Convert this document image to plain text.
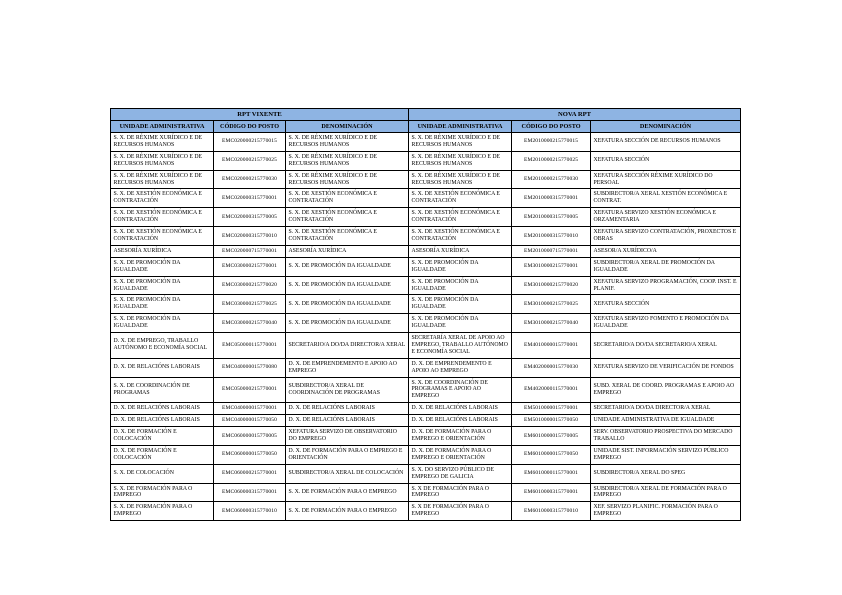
RPT VIXENTE			NOVA RPT		
UNIDADE ADMINISTRATIVA	CÓDIGO DO POSTO	DENOMINACIÓN	UNIDADE ADMINISTRATIVA	CÓDIGO DO POSTO	DENOMINACIÓN
S. X. DE RÉXIME XURÍDICO E DE RECURSOS HUMANOS	EMC020000215770015	S. X. DE RÉXIME XURÍDICO E DE RECURSOS HUMANOS	S. X. DE RÉXIME XURÍDICO E DE RECURSOS HUMANOS	EM2010000215770015	XEFATURA SECCIÓN DE RECURSOS HUMANOS
S. X. DE RÉXIME XURÍDICO E DE RECURSOS HUMANOS	EMC020000215770025	S. X. DE RÉXIME XURÍDICO E DE RECURSOS HUMANOS	S. X. DE RÉXIME XURÍDICO E DE RECURSOS HUMANOS	EM2010000215770025	XEFATURA SECCIÓN
S. X. DE RÉXIME XURÍDICO E DE RECURSOS HUMANOS	EMC020000215770030	S. X. DE RÉXIME XURÍDICO E DE RECURSOS HUMANOS	S. X. DE RÉXIME XURÍDICO E DE RECURSOS HUMANOS	EM2010000215770030	XEFATURA SECCIÓN RÉXIME XURÍDICO DO PERSOAL
S. X. DE XESTIÓN ECONÓMICA E CONTRATACIÓN	EMC020000315770001	S. X. DE XESTIÓN ECONÓMICA E CONTRATACIÓN	S. X. DE XESTIÓN ECONÓMICA E CONTRATACIÓN	EM2010000315770001	SUBDIRECTOR/A XERAL XESTIÓN ECONÓMICA E CONTRAT.
S. X. DE XESTIÓN ECONÓMICA E CONTRATACIÓN	EMC020000315770005	S. X. DE XESTIÓN ECONÓMICA E CONTRATACIÓN	S. X. DE XESTIÓN ECONÓMICA E CONTRATACIÓN	EM2010000315770005	XEFATURA SERVIZO XESTIÓN ECONÓMICA E ORZAMENTARIA
S. X. DE XESTIÓN ECONÓMICA E CONTRATACIÓN	EMC020000315770010	S. X. DE XESTIÓN ECONÓMICA E CONTRATACIÓN	S. X. DE XESTIÓN ECONÓMICA E CONTRATACIÓN	EM2010000315770010	XEFATURA SERVIZO CONTRATACIÓN, PROXECTOS E OBRAS
ASESORÍA XURÍDICA	EMC020000715770001	ASESORÍA XURÍDICA	ASESORÍA XURÍDICA	EM2010000715770001	ASESOR/A XURÍDICO/A
S. X. DE PROMOCIÓN DA IGUALDADE	EMC030000215770001	S. X. DE PROMOCIÓN DA IGUALDADE	S. X. DE PROMOCIÓN DA IGUALDADE	EM3010000215770001	SUBDIRECTOR/A XERAL DE PROMOCIÓN DA IGUALDADE
S. X. DE PROMOCIÓN DA IGUALDADE	EMC030000215770020	S. X. DE PROMOCIÓN DA IGUALDADE	S. X. DE PROMOCIÓN DA IGUALDADE	EM3010000215770020	XEFATURA SERVIZO PROGRAMACIÓN, COOP. INST. E PLANIF.
S. X. DE PROMOCIÓN DA IGUALDADE	EMC030000215770025	S. X. DE PROMOCIÓN DA IGUALDADE	S. X. DE PROMOCIÓN DA IGUALDADE	EM3010000215770025	XEFATURA SECCIÓN
S. X. DE PROMOCIÓN DA IGUALDADE	EMC030000215770040	S. X. DE PROMOCIÓN DA IGUALDADE	S. X. DE PROMOCIÓN DA IGUALDADE	EM3010000215770040	XEFATURA SERVIZO FOMENTO E PROMOCIÓN DA IGUALDADE
D. X. DE EMPREGO, TRABALLO AUTÓNOMO E ECONOMÍA SOCIAL	EMC050000115770001	SECRETARIO/A DO/DA DIRECTOR/A XERAL	SECRETARÍA XERAL DE APOIO AO EMPREGO, TRABALLO AUTÓNOMO E ECONOMÍA SOCIAL	EM4010000015770001	SECRETARIO/A DO/DA SECRETARIO/A XERAL
D. X. DE RELACIÓNS LABORAIS	EMC040000015770080	D. X. DE EMPRENDEMENTO E APOIO AO EMPREGO	D. X. DE EMPRENDEMENTO E APOIO AO EMPREGO	EM4020000015770030	XEFATURA SERVIZO DE VERIFICACIÓN DE FONDOS
S. X. DE COORDINACIÓN DE PROGRAMAS	EMC050000215770001	SUBDIRECTOR/A XERAL DE COORDINACIÓN DE PROGRAMAS	S. X. DE COORDINACIÓN DE PROGRAMAS E APOIO AO EMPREGO	EM4020000115770001	SUBD. XERAL DE COORD. PROGRAMAS E APOIO AO EMPREGO
D. X. DE RELACIÓNS LABORAIS	EMC040000015770001	D. X. DE RELACIÓNS LABORAIS	D. X. DE RELACIÓNS LABORAIS	EM5010000015770001	SECRETARIO/A DO/DA DIRECTOR/A XERAL
D. X. DE RELACIÓNS LABORAIS	EMC040000015770050	D. X. DE RELACIÓNS LABORAIS	D. X. DE RELACIÓNS LABORAIS	EM5010000015770050	UNIDADE ADMINISTRATIVA DE IGUALDADE
D. X. DE FORMACIÓN E COLOCACIÓN	EMC060000015770005	XEFATURA SERVIZO DE OBSERVATORIO DO EMPREGO	D. X. DE FORMACIÓN PARA O EMPREGO E ORIENTACIÓN	EM6010000015770005	SERV. OBSERVATORIO PROSPECTIVA DO MERCADO TRABALLO
D. X. DE FORMACIÓN E COLOCACIÓN	EMC060000015770050	D. X. DE FORMACIÓN PARA O EMPREGO E ORIENTACIÓN	D. X. DE FORMACIÓN PARA O EMPREGO E ORIENTACIÓN	EM6010000015770050	UNIDADE SIST. INFORMACIÓN SERVIZO PÚBLICO EMPREGO
S. X. DE COLOCACIÓN	EMC060000215770001	SUBDIRECTOR/A XERAL DE COLOCACIÓN	S. X. DO SERVIZO PÚBLICO DE EMPREGO DE GALICIA	EM6010000115770001	SUBDIRECTOR/A XERAL DO SPEG
S. X. DE FORMACIÓN PARA O EMPREGO	EMC060000315770001	S. X. DE FORMACIÓN PARA O EMPREGO	S. X DE FORMACIÓN PARA O EMPREGO	EM6010000315770001	SUBDIRECTOR/A XERAL DE FORMACIÓN PARA O EMPREGO
S. X. DE FORMACIÓN PARA O EMPREGO	EMC060000315770010	S. X. DE FORMACIÓN PARA O EMPREGO	S. X DE FORMACIÓN PARA O EMPREGO	EM6010000315770010	XEF. SERVIZO PLANIFIC. FORMACIÓN PARA O EMPREGO
